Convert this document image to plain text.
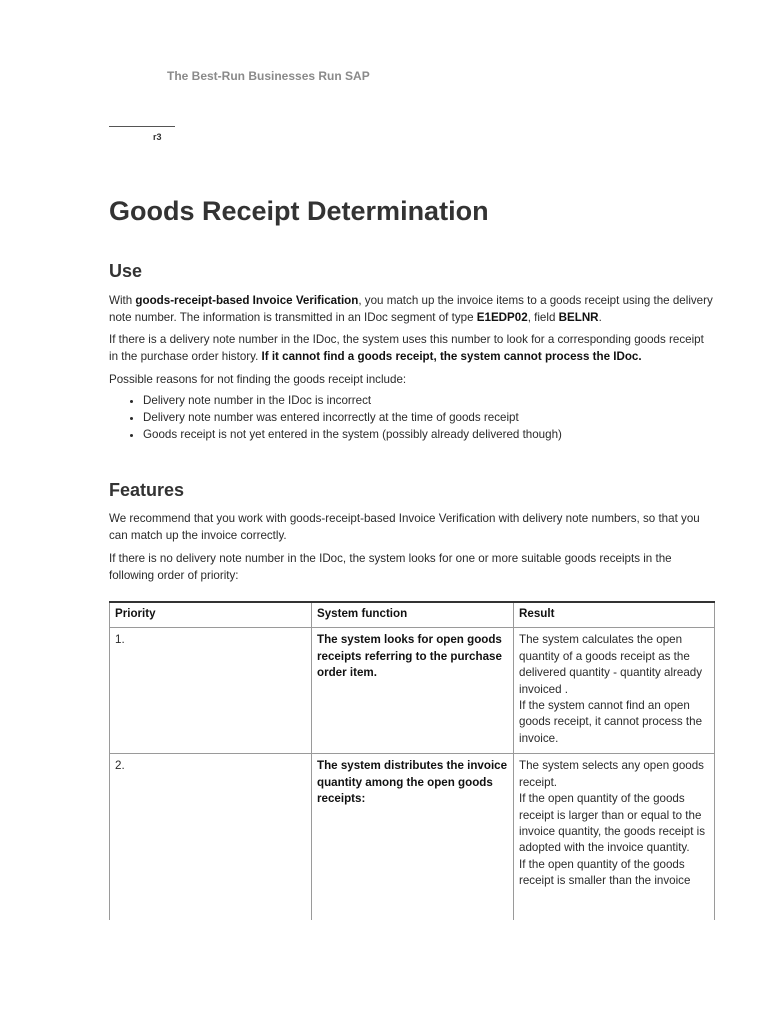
The Best-Run Businesses Run SAP
r3
Goods Receipt Determination
Use

With goods-receipt-based Invoice Verification, you match up the invoice items to a goods receipt using the delivery note number. The information is transmitted in an IDoc segment of type E1EDP02, field BELNR.

If there is a delivery note number in the IDoc, the system uses this number to look for a corresponding goods receipt in the purchase order history. If it cannot find a goods receipt, the system cannot process the IDoc.

Possible reasons for not finding the goods receipt include:

• Delivery note number in the IDoc is incorrect
• Delivery note number was entered incorrectly at the time of goods receipt
• Goods receipt is not yet entered in the system (possibly already delivered though)
Features

We recommend that you work with goods-receipt-based Invoice Verification with delivery note numbers, so that you can match up the invoice correctly.

If there is no delivery note number in the IDoc, the system looks for one or more suitable goods receipts in the following order of priority:

Priority	System function	Result
1.	The system looks for open goods receipts referring to the purchase order item.	The system calculates the open quantity of a goods receipt as the delivered quantity - quantity already invoiced .
If the system cannot find an open goods receipt, it cannot process the invoice.

2.	The system distributes the invoice quantity among the open goods receipts:	The system selects any open goods receipt.
If the open quantity of the goods receipt is larger than or equal to the invoice quantity, the goods receipt is adopted with the invoice quantity.
If the open quantity of the goods receipt is smaller than the invoice
